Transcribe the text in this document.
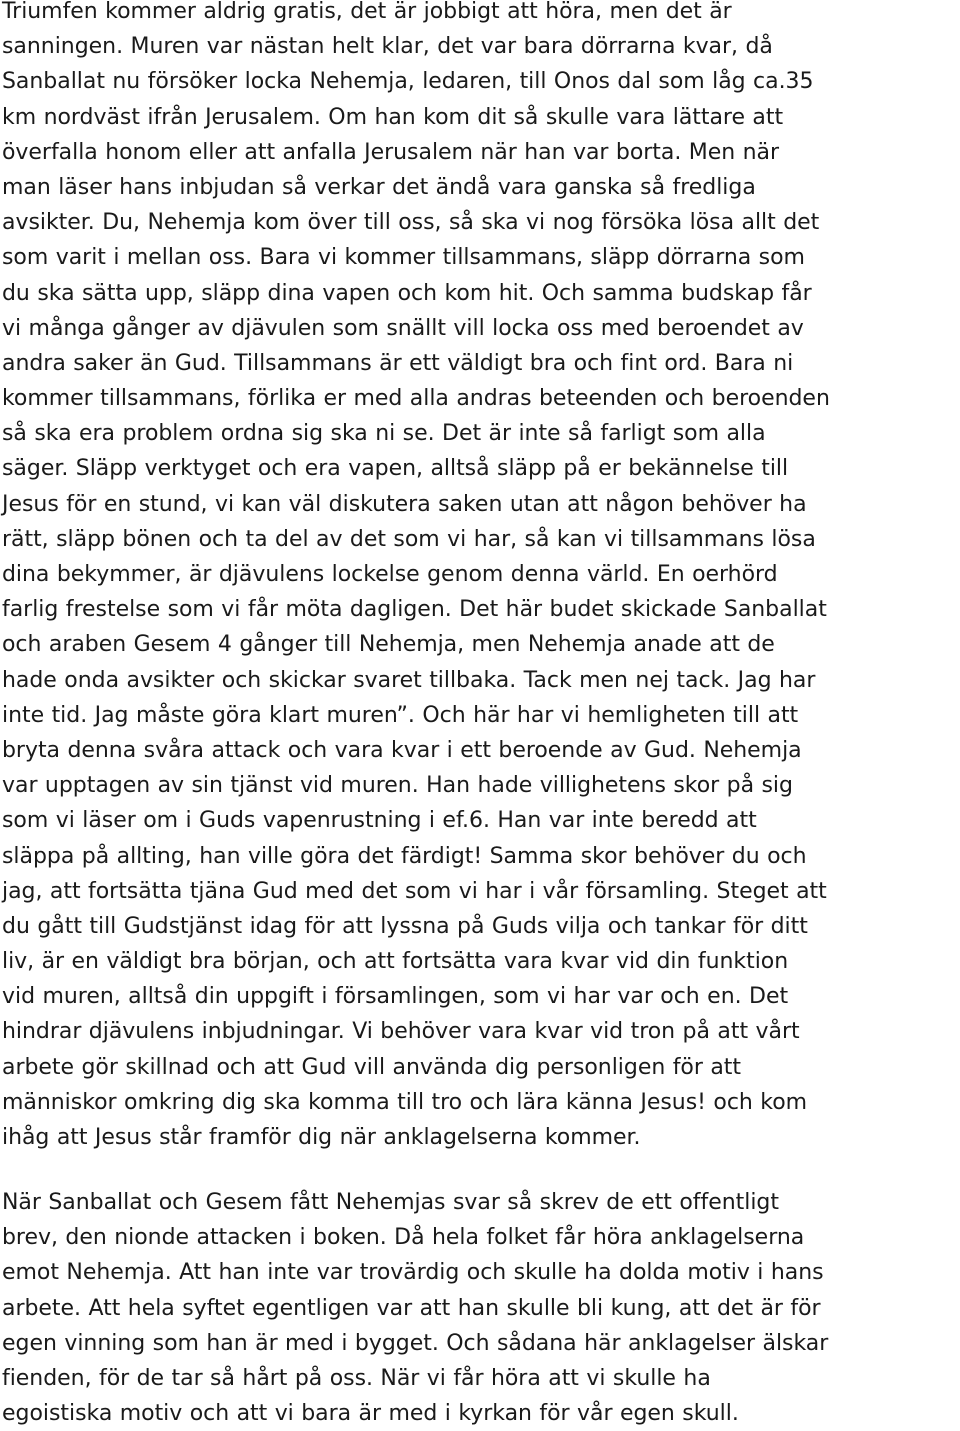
Triumfen kommer aldrig gratis, det är jobbigt att höra, men det är
sanningen. Muren var nästan helt klar, det var bara dörrarna kvar, då
Sanballat nu försöker locka Nehemja, ledaren, till Onos dal som låg ca.35
km nordväst ifrån Jerusalem. Om han kom dit så skulle vara lättare att
överfalla honom eller att anfalla Jerusalem när han var borta. Men när
man läser hans inbjudan så verkar det ändå vara ganska så fredliga
avsikter. Du, Nehemja kom över till oss, så ska vi nog försöka lösa allt det
som varit i mellan oss. Bara vi kommer tillsammans, släpp dörrarna som
du ska sätta upp, släpp dina vapen och kom hit. Och samma budskap får
vi många gånger av djävulen som snällt vill locka oss med beroendet av
andra saker än Gud. Tillsammans är ett väldigt bra och fint ord. Bara ni
kommer tillsammans, förlika er med alla andras beteenden och beroenden
så ska era problem ordna sig ska ni se. Det är inte så farligt som alla
säger. Släpp verktyget och era vapen, alltså släpp på er bekännelse till
Jesus för en stund, vi kan väl diskutera saken utan att någon behöver ha
rätt, släpp bönen och ta del av det som vi har, så kan vi tillsammans lösa
dina bekymmer, är djävulens lockelse genom denna värld. En oerhörd
farlig frestelse som vi får möta dagligen. Det här budet skickade Sanballat
och araben Gesem 4 gånger till Nehemja, men Nehemja anade att de
hade onda avsikter och skickar svaret tillbaka. Tack men nej tack. Jag har
inte tid. Jag måste göra klart muren”. Och här har vi hemligheten till att
bryta denna svåra attack och vara kvar i ett beroende av Gud. Nehemja
var upptagen av sin tjänst vid muren. Han hade villighetens skor på sig
som vi läser om i Guds vapenrustning i ef.6. Han var inte beredd att
släppa på allting, han ville göra det färdigt! Samma skor behöver du och
jag, att fortsätta tjäna Gud med det som vi har i vår församling. Steget att
du gått till Gudstjänst idag för att lyssna på Guds vilja och tankar för ditt
liv, är en väldigt bra början, och att fortsätta vara kvar vid din funktion
vid muren, alltså din uppgift i församlingen, som vi har var och en. Det
hindrar djävulens inbjudningar. Vi behöver vara kvar vid tron på att vårt
arbete gör skillnad och att Gud vill använda dig personligen för att
människor omkring dig ska komma till tro och lära känna Jesus! och kom
ihåg att Jesus står framför dig när anklagelserna kommer.

När Sanballat och Gesem fått Nehemjas svar så skrev de ett offentligt
brev, den nionde attacken i boken. Då hela folket får höra anklagelserna
emot Nehemja. Att han inte var trovärdig och skulle ha dolda motiv i hans
arbete. Att hela syftet egentligen var att han skulle bli kung, att det är för
egen vinning som han är med i bygget. Och sådana här anklagelser älskar
fienden, för de tar så hårt på oss. När vi får höra att vi skulle ha
egoistiska motiv och att vi bara är med i kyrkan för vår egen skull.
